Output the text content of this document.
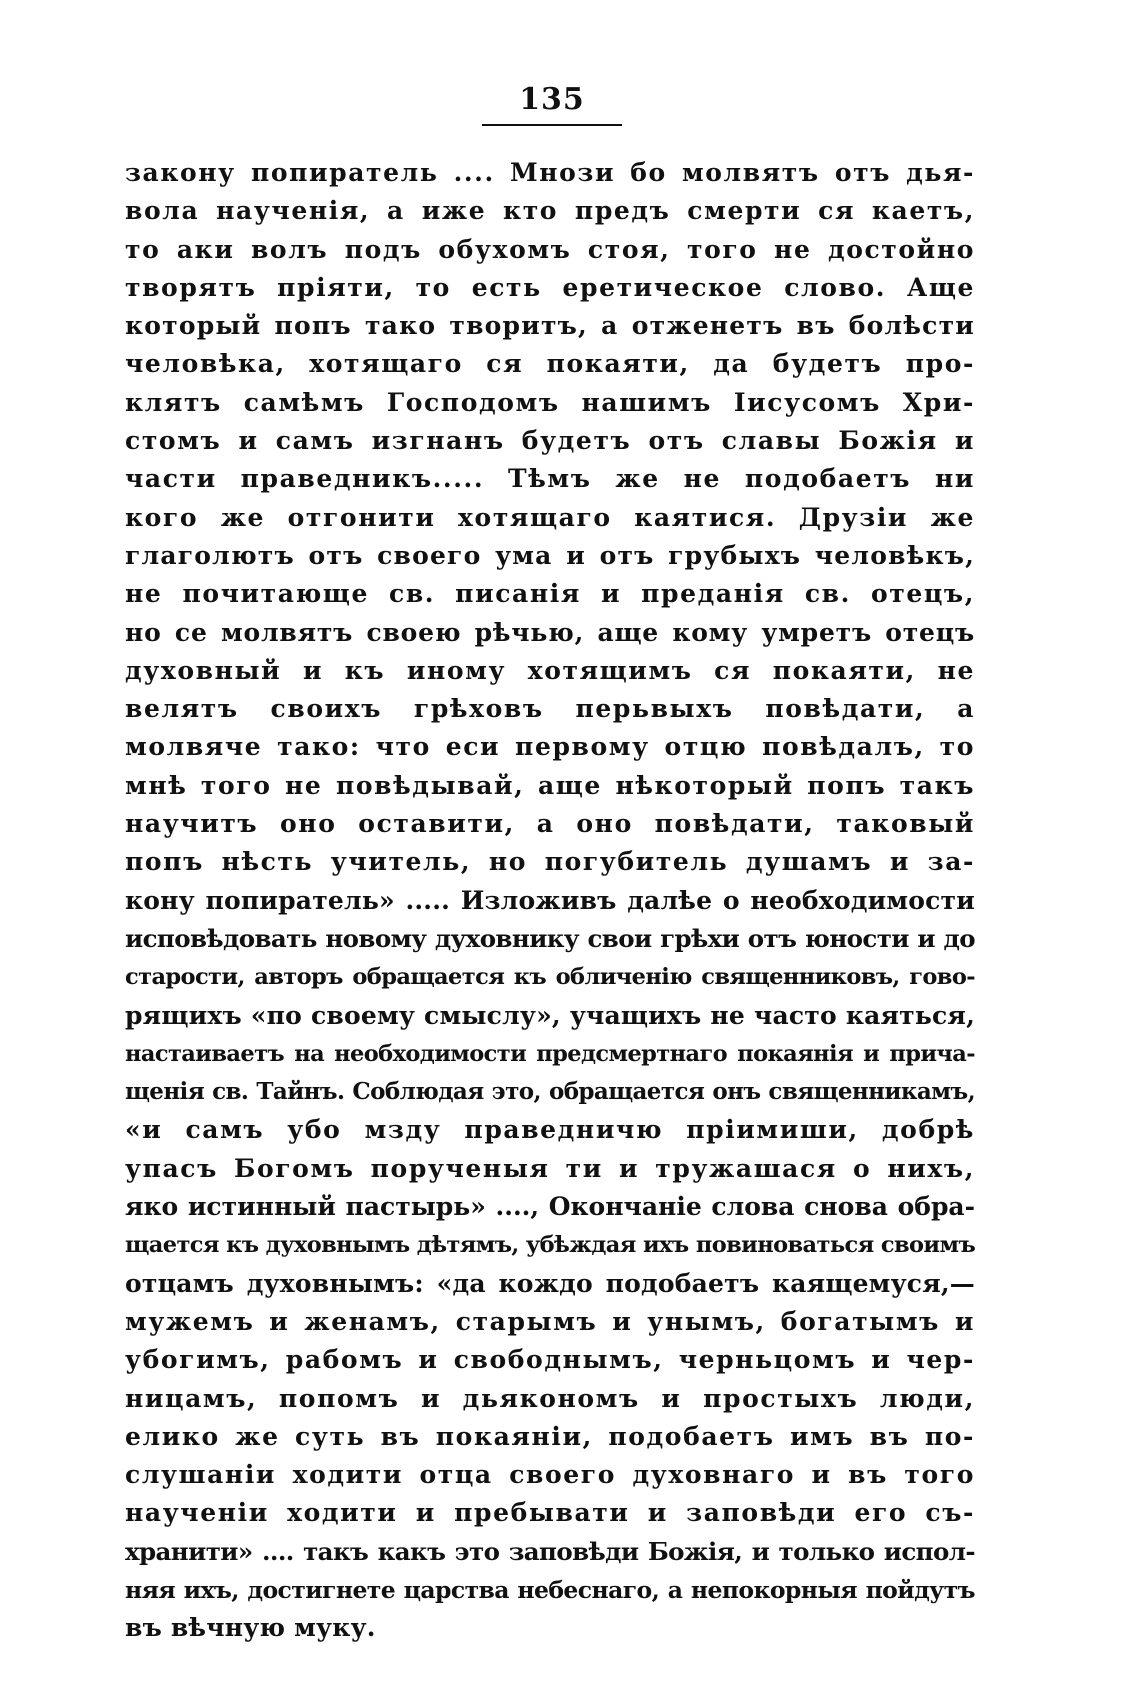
135
закону попиратель .... Мнози бо молвятъ отъ дья-
вола наученія, а иже кто предъ смерти ся каетъ,
то аки волъ подъ обухомъ стоя, того не достойно
творятъ пріяти, то есть еретическое слово. Аще
который попъ тако творитъ, а отженетъ въ болѣсти
человѣка, хотящаго ся покаяти, да будетъ про-
клятъ самѣмъ Господомъ нашимъ Іисусомъ Хри-
стомъ и самъ изгнанъ будетъ отъ славы Божія и
части праведникъ..... Тѣмъ же не подобаетъ ни
кого же отгонити хотящаго каятися. Друзіи же
глаголютъ отъ своего ума и отъ грубыхъ человѣкъ,
не почитающе св. писанія и преданія св. отецъ,
но се молвятъ своею рѣчью, аще кому умретъ отецъ
духовный и къ иному хотящимъ ся покаяти, не
велятъ своихъ грѣховъ перьвыхъ повѣдати, а
молвяче тако: что еси первому отцю повѣдалъ, то
мнѣ того не повѣдывай, аще нѣкоторый попъ такъ
научитъ оно оставити, а оно повѣдати, таковый
попъ нѣсть учитель, но погубитель душамъ и за-
кону попиратель» ..... Изложивъ далѣе о необходимости
исповѣдовать новому духовнику свои грѣхи отъ юности и до
старости, авторъ обращается къ обличенію священниковъ, гово-
рящихъ «по своему смыслу», учащихъ не часто каяться,
настаиваетъ на необходимости предсмертнаго покаянія и прича-
щенія св. Тайнъ. Соблюдая это, обращается онъ священникамъ,
«и самъ убо мзду праведничю пріимиши, добрѣ
упасъ Богомъ порученыя ти и тружашася о нихъ,
яко истинный пастырь» ...., Окончаніе слова снова обра-
щается къ духовнымъ дѣтямъ, убѣждая ихъ повиноваться своимъ
отцамъ духовнымъ: «да кождо подобаетъ каящемуся,—
мужемъ и женамъ, старымъ и унымъ, богатымъ и
убогимъ, рабомъ и свободнымъ, черньцомъ и чер-
ницамъ, попомъ и дьякономъ и простыхъ люди,
елико же суть въ покаяніи, подобаетъ имъ въ по-
слушаніи ходити отца своего духовнаго и въ того
наученіи ходити и пребывати и заповѣди его съ-
хранити» .... такъ какъ это заповѣди Божія, и только испол-
няя ихъ, достигнете царства небеснаго, а непокорныя пойдутъ
въ вѣчную муку.
